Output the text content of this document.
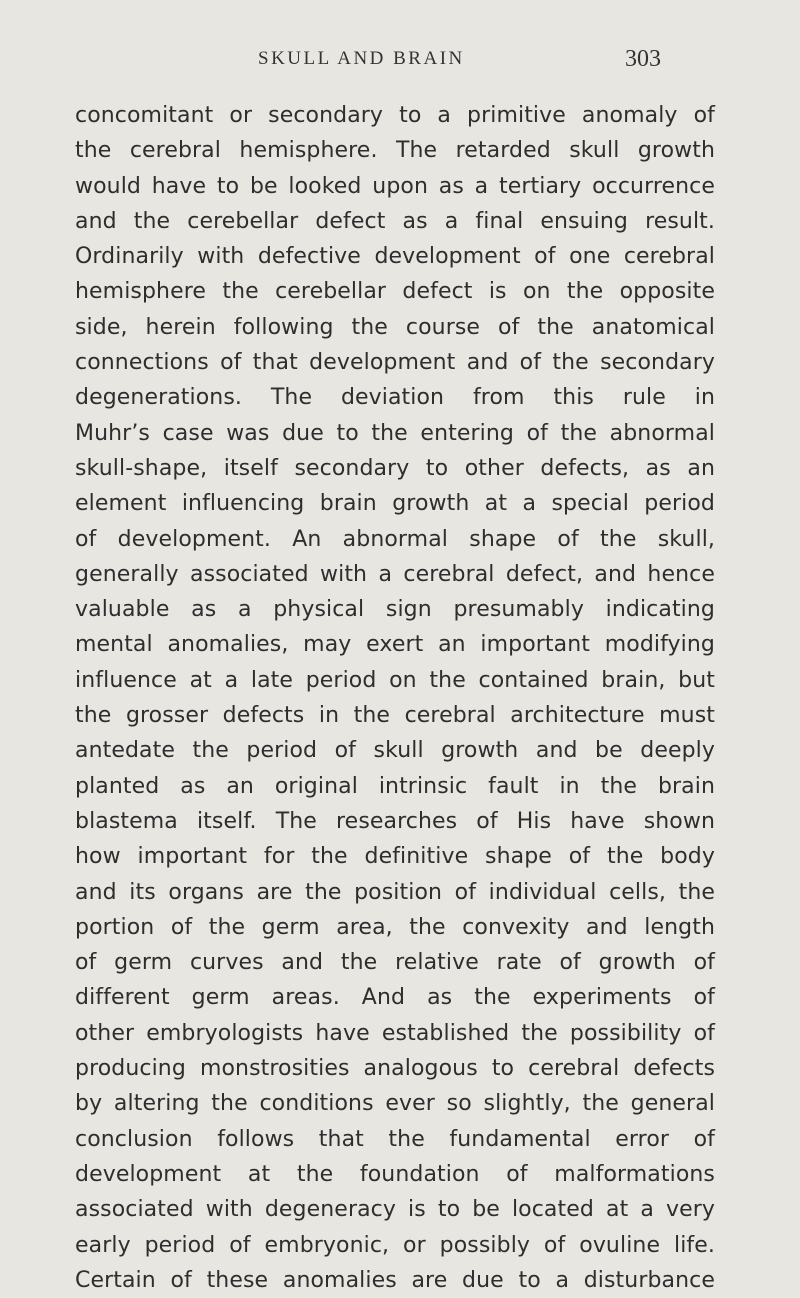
SKULL AND BRAIN	303
concomitant or secondary to a primitive anomaly of
the cerebral hemisphere. The retarded skull growth
would have to be looked upon as a tertiary occurrence
and the cerebellar defect as a final ensuing result.
Ordinarily with defective development of one cerebral
hemisphere the cerebellar defect is on the opposite
side, herein following the course of the anatomical
connections of that development and of the secondary
degenerations. The deviation from this rule in
Muhr’s case was due to the entering of the abnormal
skull-shape, itself secondary to other defects, as an
element influencing brain growth at a special period
of development. An abnormal shape of the skull,
generally associated with a cerebral defect, and hence
valuable as a physical sign presumably indicating
mental anomalies, may exert an important modifying
influence at a late period on the contained brain, but
the grosser defects in the cerebral architecture must
antedate the period of skull growth and be deeply
planted as an original intrinsic fault in the brain
blastema itself. The researches of His have shown
how important for the definitive shape of the body
and its organs are the position of individual cells, the
portion of the germ area, the convexity and length
of germ curves and the relative rate of growth of
different germ areas. And as the experiments of
other embryologists have established the possibility of
producing monstrosities analogous to cerebral defects
by altering the conditions ever so slightly, the general
conclusion follows that the fundamental error of
development at the foundation of malformations
associated with degeneracy is to be located at a very
early period of embryonic, or possibly of ovuline life.
Certain of these anomalies are due to a disturbance
